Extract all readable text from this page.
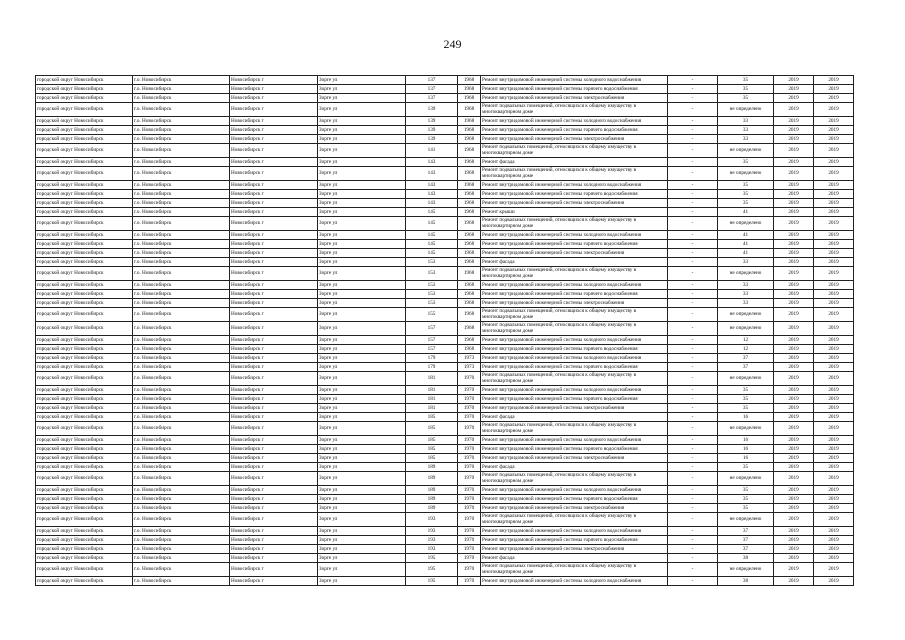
249
городской округ Новосибирск	г.о. Новосибирск	Новосибирск г	Зорге ул	137	1968	Ремонт внутридомовой инженерной системы холодного водоснабжения	-	35	2019	2019
городской округ Новосибирск	г.о. Новосибирск	Новосибирск г	Зорге ул	137	1968	Ремонт внутридомовой инженерной системы горячего водоснабжения	-	35	2019	2019
городской округ Новосибирск	г.о. Новосибирск	Новосибирск г	Зорге ул	137	1968	Ремонт внутридомовой инженерной системы электроснабжения	-	35	2019	2019
городской округ Новосибирск	г.о. Новосибирск	Новосибирск г	Зорге ул	139	1968	Ремонт подвальных помещений, относящихся к общему имуществу в многоквартирном доме	-	не определено	2019	2019
городской округ Новосибирск	г.о. Новосибирск	Новосибирск г	Зорге ул	139	1968	Ремонт внутридомовой инженерной системы холодного водоснабжения	-	33	2019	2019
городской округ Новосибирск	г.о. Новосибирск	Новосибирск г	Зорге ул	139	1968	Ремонт внутридомовой инженерной системы горячего водоснабжения	-	33	2019	2019
городской округ Новосибирск	г.о. Новосибирск	Новосибирск г	Зорге ул	139	1968	Ремонт внутридомовой инженерной системы электроснабжения	-	33	2019	2019
городской округ Новосибирск	г.о. Новосибирск	Новосибирск г	Зорге ул	141	1968	Ремонт подвальных помещений, относящихся к общему имуществу в многоквартирном доме	-	не определено	2019	2019
городской округ Новосибирск	г.о. Новосибирск	Новосибирск г	Зорге ул	143	1968	Ремонт фасада	-	35	2019	2019
городской округ Новосибирск	г.о. Новосибирск	Новосибирск г	Зорге ул	143	1968	Ремонт подвальных помещений, относящихся к общему имуществу в многоквартирном доме	-	не определено	2019	2019
городской округ Новосибирск	г.о. Новосибирск	Новосибирск г	Зорге ул	143	1968	Ремонт внутридомовой инженерной системы холодного водоснабжения	-	35	2019	2019
городской округ Новосибирск	г.о. Новосибирск	Новосибирск г	Зорге ул	143	1968	Ремонт внутридомовой инженерной системы горячего водоснабжения	-	35	2019	2019
городской округ Новосибирск	г.о. Новосибирск	Новосибирск г	Зорге ул	143	1968	Ремонт внутридомовой инженерной системы электроснабжения	-	35	2019	2019
городской округ Новосибирск	г.о. Новосибирск	Новосибирск г	Зорге ул	145	1968	Ремонт крыши	-	41	2019	2019
городской округ Новосибирск	г.о. Новосибирск	Новосибирск г	Зорге ул	145	1968	Ремонт подвальных помещений, относящихся к общему имуществу в многоквартирном доме	-	не определено	2019	2019
городской округ Новосибирск	г.о. Новосибирск	Новосибирск г	Зорге ул	145	1968	Ремонт внутридомовой инженерной системы холодного водоснабжения	-	41	2019	2019
городской округ Новосибирск	г.о. Новосибирск	Новосибирск г	Зорге ул	145	1968	Ремонт внутридомовой инженерной системы горячего водоснабжения	-	41	2019	2019
городской округ Новосибирск	г.о. Новосибирск	Новосибирск г	Зорге ул	145	1968	Ремонт внутридомовой инженерной системы электроснабжения	-	41	2019	2019
городской округ Новосибирск	г.о. Новосибирск	Новосибирск г	Зорге ул	153	1968	Ремонт фасада	-	33	2019	2019
городской округ Новосибирск	г.о. Новосибирск	Новосибирск г	Зорге ул	153	1968	Ремонт подвальных помещений, относящихся к общему имуществу в многоквартирном доме	-	не определено	2019	2019
городской округ Новосибирск	г.о. Новосибирск	Новосибирск г	Зорге ул	153	1968	Ремонт внутридомовой инженерной системы холодного водоснабжения	-	33	2019	2019
городской округ Новосибирск	г.о. Новосибирск	Новосибирск г	Зорге ул	153	1968	Ремонт внутридомовой инженерной системы горячего водоснабжения	-	33	2019	2019
городской округ Новосибирск	г.о. Новосибирск	Новосибирск г	Зорге ул	153	1968	Ремонт внутридомовой инженерной системы электроснабжения	-	33	2019	2019
городской округ Новосибирск	г.о. Новосибирск	Новосибирск г	Зорге ул	155	1968	Ремонт подвальных помещений, относящихся к общему имуществу в многоквартирном доме	-	не определено	2019	2019
городской округ Новосибирск	г.о. Новосибирск	Новосибирск г	Зорге ул	157	1968	Ремонт подвальных помещений, относящихся к общему имуществу в многоквартирном доме	-	не определено	2019	2019
городской округ Новосибирск	г.о. Новосибирск	Новосибирск г	Зорге ул	157	1968	Ремонт внутридомовой инженерной системы холодного водоснабжения	-	12	2019	2019
городской округ Новосибирск	г.о. Новосибирск	Новосибирск г	Зорге ул	157	1968	Ремонт внутридомовой инженерной системы горячего водоснабжения	-	12	2019	2019
городской округ Новосибирск	г.о. Новосибирск	Новосибирск г	Зорге ул	179	1973	Ремонт внутридомовой инженерной системы холодного водоснабжения	-	37	2019	2019
городской округ Новосибирск	г.о. Новосибирск	Новосибирск г	Зорге ул	179	1973	Ремонт внутридомовой инженерной системы горячего водоснабжения	-	37	2019	2019
городской округ Новосибирск	г.о. Новосибирск	Новосибирск г	Зорге ул	181	1970	Ремонт подвальных помещений, относящихся к общему имуществу в многоквартирном доме	-	не определено	2019	2019
городской округ Новосибирск	г.о. Новосибирск	Новосибирск г	Зорге ул	181	1970	Ремонт внутридомовой инженерной системы холодного водоснабжения	-	35	2019	2019
городской округ Новосибирск	г.о. Новосибирск	Новосибирск г	Зорге ул	181	1970	Ремонт внутридомовой инженерной системы горячего водоснабжения	-	35	2019	2019
городской округ Новосибирск	г.о. Новосибирск	Новосибирск г	Зорге ул	181	1970	Ремонт внутридомовой инженерной системы электроснабжения	-	35	2019	2019
городской округ Новосибирск	г.о. Новосибирск	Новосибирск г	Зорге ул	185	1970	Ремонт фасада	-	16	2019	2019
городской округ Новосибирск	г.о. Новосибирск	Новосибирск г	Зорге ул	185	1970	Ремонт подвальных помещений, относящихся к общему имуществу в многоквартирном доме	-	не определено	2019	2019
городской округ Новосибирск	г.о. Новосибирск	Новосибирск г	Зорге ул	185	1970	Ремонт внутридомовой инженерной системы холодного водоснабжения	-	16	2019	2019
городской округ Новосибирск	г.о. Новосибирск	Новосибирск г	Зорге ул	185	1970	Ремонт внутридомовой инженерной системы горячего водоснабжения	-	16	2019	2019
городской округ Новосибирск	г.о. Новосибирск	Новосибирск г	Зорге ул	185	1970	Ремонт внутридомовой инженерной системы электроснабжения	-	16	2019	2019
городской округ Новосибирск	г.о. Новосибирск	Новосибирск г	Зорге ул	189	1970	Ремонт фасада	-	35	2019	2019
городской округ Новосибирск	г.о. Новосибирск	Новосибирск г	Зорге ул	189	1970	Ремонт подвальных помещений, относящихся к общему имуществу в многоквартирном доме	-	не определено	2019	2019
городской округ Новосибирск	г.о. Новосибирск	Новосибирск г	Зорге ул	189	1970	Ремонт внутридомовой инженерной системы холодного водоснабжения	-	35	2019	2019
городской округ Новосибирск	г.о. Новосибирск	Новосибирск г	Зорге ул	189	1970	Ремонт внутридомовой инженерной системы горячего водоснабжения	-	35	2019	2019
городской округ Новосибирск	г.о. Новосибирск	Новосибирск г	Зорге ул	189	1970	Ремонт внутридомовой инженерной системы электроснабжения	-	35	2019	2019
городской округ Новосибирск	г.о. Новосибирск	Новосибирск г	Зорге ул	193	1970	Ремонт подвальных помещений, относящихся к общему имуществу в многоквартирном доме	-	не определено	2019	2019
городской округ Новосибирск	г.о. Новосибирск	Новосибирск г	Зорге ул	193	1970	Ремонт внутридомовой инженерной системы холодного водоснабжения	-	37	2019	2019
городской округ Новосибирск	г.о. Новосибирск	Новосибирск г	Зорге ул	193	1970	Ремонт внутридомовой инженерной системы горячего водоснабжения	-	37	2019	2019
городской округ Новосибирск	г.о. Новосибирск	Новосибирск г	Зорге ул	193	1970	Ремонт внутридомовой инженерной системы электроснабжения	-	37	2019	2019
городской округ Новосибирск	г.о. Новосибирск	Новосибирск г	Зорге ул	195	1970	Ремонт фасада	-	38	2019	2019
городской округ Новосибирск	г.о. Новосибирск	Новосибирск г	Зорге ул	195	1970	Ремонт подвальных помещений, относящихся к общему имуществу в многоквартирном доме	-	не определено	2019	2019
городской округ Новосибирск	г.о. Новосибирск	Новосибирск г	Зорге ул	195	1970	Ремонт внутридомовой инженерной системы холодного водоснабжения	-	38	2019	2019
